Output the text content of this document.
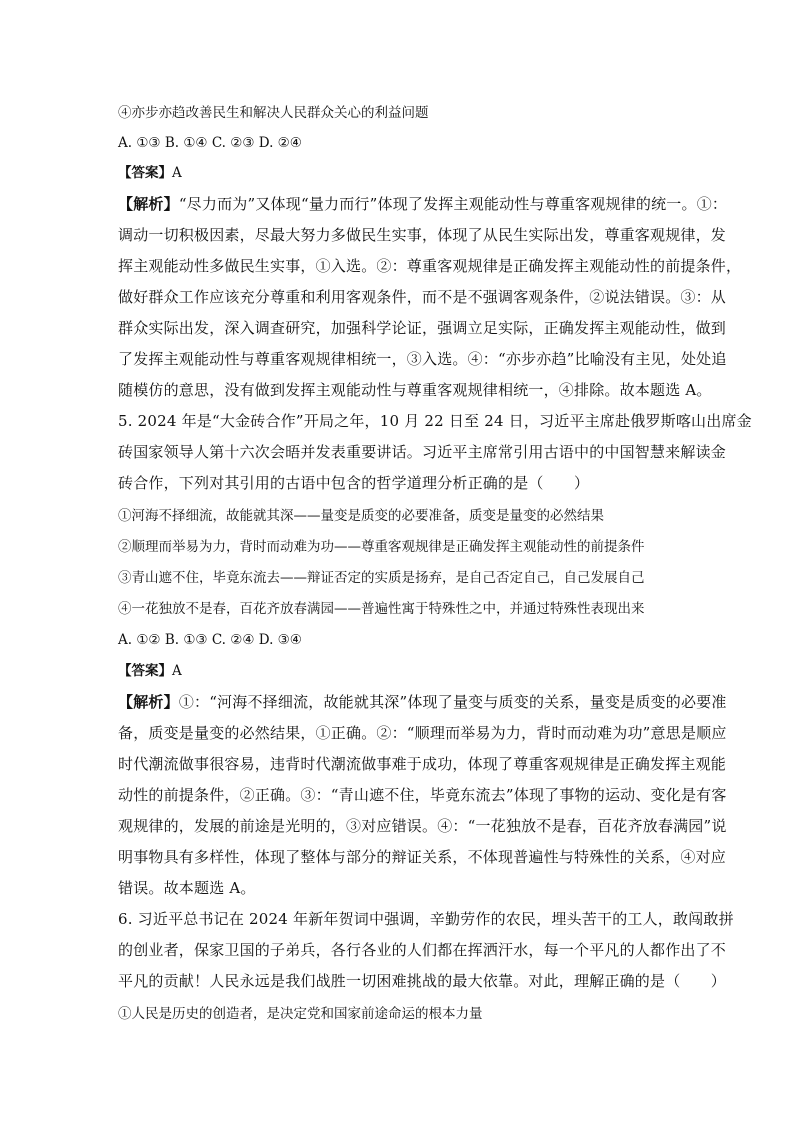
④亦步亦趋改善民生和解决人民群众关心的利益问题
A. ①③ B. ①④ C. ②③ D. ②④
【答案】A
【解析】“尽力而为”又体现“量力而行”体现了发挥主观能动性与尊重客观规律的统一。①：
调动一切积极因素，尽最大努力多做民生实事，体现了从民生实际出发，尊重客观规律，发
挥主观能动性多做民生实事，①入选。②：尊重客观规律是正确发挥主观能动性的前提条件，
做好群众工作应该充分尊重和利用客观条件，而不是不强调客观条件，②说法错误。③：从
群众实际出发，深入调查研究，加强科学论证，强调立足实际，正确发挥主观能动性，做到
了发挥主观能动性与尊重客观规律相统一，③入选。④：“亦步亦趋”比喻没有主见，处处追
随模仿的意思，没有做到发挥主观能动性与尊重客观规律相统一，④排除。故本题选 A。
5. 2024 年是“大金砖合作”开局之年，10 月 22 日至 24 日，习近平主席赴俄罗斯喀山出席金
砖国家领导人第十六次会晤并发表重要讲话。习近平主席常引用古语中的中国智慧来解读金
砖合作，下列对其引用的古语中包含的哲学道理分析正确的是（　　）
①河海不择细流，故能就其深——量变是质变的必要准备，质变是量变的必然结果
②顺理而举易为力，背时而动难为功——尊重客观规律是正确发挥主观能动性的前提条件
③青山遮不住，毕竟东流去——辩证否定的实质是扬弃，是自己否定自己，自己发展自己
④一花独放不是春，百花齐放春满园——普遍性寓于特殊性之中，并通过特殊性表现出来
A. ①② B. ①③ C. ②④ D. ③④
【答案】A
【解析】①：“河海不择细流，故能就其深”体现了量变与质变的关系，量变是质变的必要准
备，质变是量变的必然结果，①正确。②：“顺理而举易为力，背时而动难为功”意思是顺应
时代潮流做事很容易，违背时代潮流做事难于成功，体现了尊重客观规律是正确发挥主观能
动性的前提条件，②正确。③：“青山遮不住，毕竟东流去”体现了事物的运动、变化是有客
观规律的，发展的前途是光明的，③对应错误。④：“一花独放不是春，百花齐放春满园”说
明事物具有多样性，体现了整体与部分的辩证关系，不体现普遍性与特殊性的关系，④对应
错误。故本题选 A。
6. 习近平总书记在 2024 年新年贺词中强调，辛勤劳作的农民，埋头苦干的工人，敢闯敢拼
的创业者，保家卫国的子弟兵，各行各业的人们都在挥洒汗水，每一个平凡的人都作出了不
平凡的贡献！人民永远是我们战胜一切困难挑战的最大依靠。对此，理解正确的是（　　）
①人民是历史的创造者，是决定党和国家前途命运的根本力量
